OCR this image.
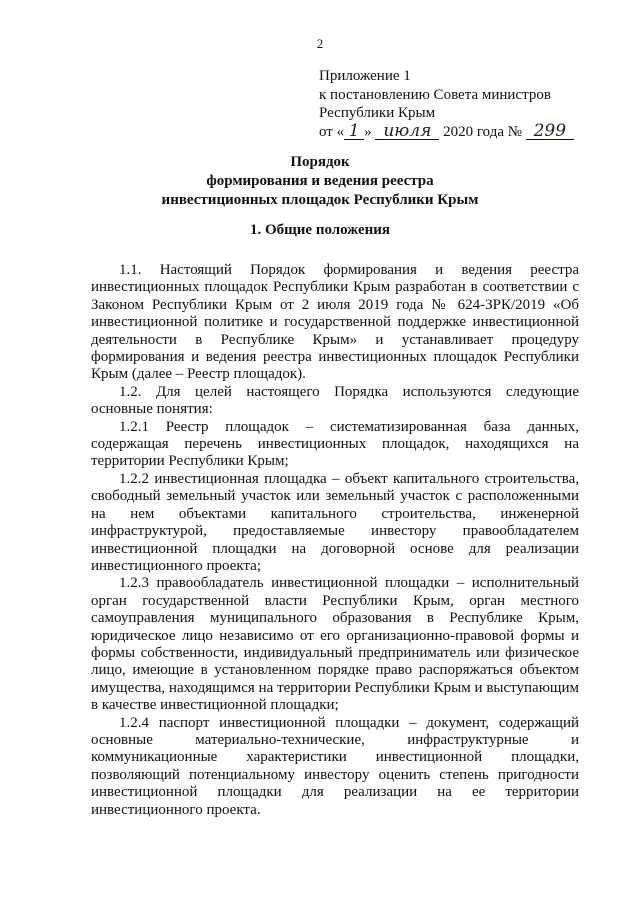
2
Приложение 1
к постановлению Совета министров
Республики Крым
от « 1 » июля 2020 года № 299
Порядок
формирования и ведения реестра
инвестиционных площадок Республики Крым
1. Общие положения

1.1. Настоящий Порядок формирования и ведения реестра инвестиционных площадок Республики Крым разработан в соответствии с Законом Республики Крым от 2 июля 2019 года № 624-ЗРК/2019 «Об инвестиционной политике и государственной поддержке инвестиционной деятельности в Республике Крым» и устанавливает процедуру формирования и ведения реестра инвестиционных площадок Республики Крым (далее – Реестр площадок).

1.2. Для целей настоящего Порядка используются следующие основные понятия:

1.2.1 Реестр площадок – систематизированная база данных, содержащая перечень инвестиционных площадок, находящихся на территории Республики Крым;

1.2.2 инвестиционная площадка – объект капитального строительства, свободный земельный участок или земельный участок с расположенными на нем объектами капитального строительства, инженерной инфраструктурой, предоставляемые инвестору правообладателем инвестиционной площадки на договорной основе для реализации инвестиционного проекта;

1.2.3 правообладатель инвестиционной площадки – исполнительный орган государственной власти Республики Крым, орган местного самоуправления муниципального образования в Республике Крым, юридическое лицо независимо от его организационно-правовой формы и формы собственности, индивидуальный предприниматель или физическое лицо, имеющие в установленном порядке право распоряжаться объектом имущества, находящимся на территории Республики Крым и выступающим в качестве инвестиционной площадки;

1.2.4 паспорт инвестиционной площадки – документ, содержащий основные материально-технические, инфраструктурные и коммуникационные характеристики инвестиционной площадки, позволяющий потенциальному инвестору оценить степень пригодности инвестиционной площадки для реализации на ее территории инвестиционного проекта.
